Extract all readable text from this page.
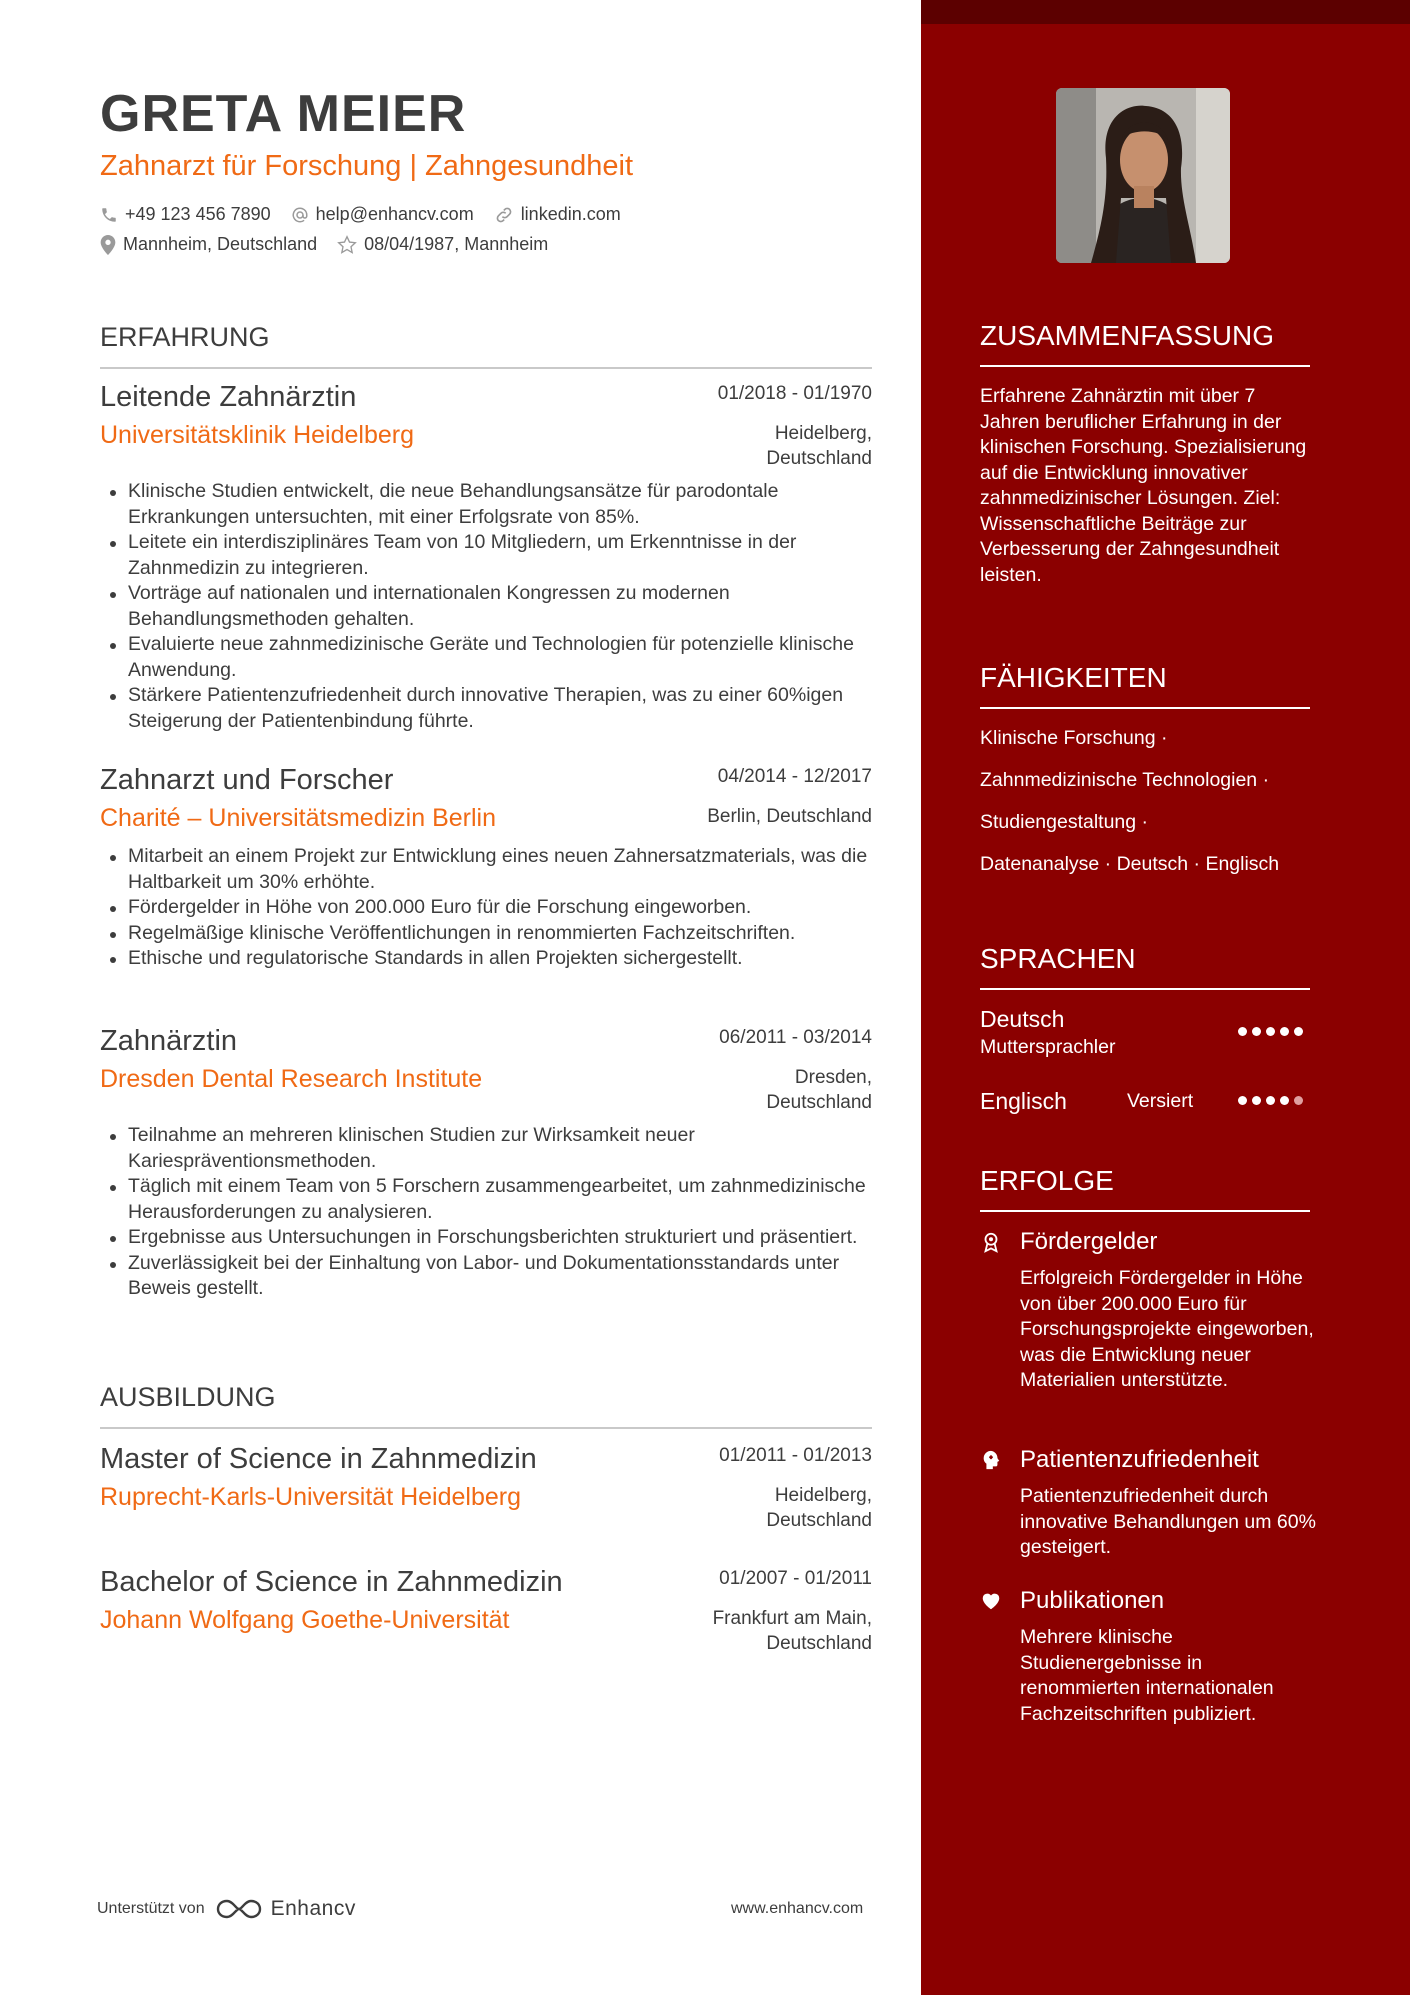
GRETA MEIER
Zahnarzt für Forschung | Zahngesundheit
+49 123 456 7890	help@enhancv.com	linkedin.com
Mannheim, Deutschland	08/04/1987, Mannheim
ERFAHRUNG
Leitende Zahnärztin	01/2018 - 01/1970
Universitätsklinik Heidelberg	Heidelberg,
Deutschland
Klinische Studien entwickelt, die neue Behandlungsansätze für parodontale Erkrankungen untersuchten, mit einer Erfolgsrate von 85%.
Leitete ein interdisziplinäres Team von 10 Mitgliedern, um Erkenntnisse in der Zahnmedizin zu integrieren.
Vorträge auf nationalen und internationalen Kongressen zu modernen Behandlungsmethoden gehalten.
Evaluierte neue zahnmedizinische Geräte und Technologien für potenzielle klinische Anwendung.
Stärkere Patientenzufriedenheit durch innovative Therapien, was zu einer 60%igen Steigerung der Patientenbindung führte.
Zahnarzt und Forscher	04/2014 - 12/2017
Charité – Universitätsmedizin Berlin	Berlin, Deutschland
Mitarbeit an einem Projekt zur Entwicklung eines neuen Zahnersatzmaterials, was die Haltbarkeit um 30% erhöhte.
Fördergelder in Höhe von 200.000 Euro für die Forschung eingeworben.
Regelmäßige klinische Veröffentlichungen in renommierten Fachzeitschriften.
Ethische und regulatorische Standards in allen Projekten sichergestellt.
Zahnärztin	06/2011 - 03/2014
Dresden Dental Research Institute	Dresden,
Deutschland
Teilnahme an mehreren klinischen Studien zur Wirksamkeit neuer Kariespräventionsmethoden.
Täglich mit einem Team von 5 Forschern zusammengearbeitet, um zahnmedizinische Herausforderungen zu analysieren.
Ergebnisse aus Untersuchungen in Forschungsberichten strukturiert und präsentiert.
Zuverlässigkeit bei der Einhaltung von Labor- und Dokumentationsstandards unter Beweis gestellt.
AUSBILDUNG
Master of Science in Zahnmedizin	01/2011 - 01/2013
Ruprecht-Karls-Universität Heidelberg	Heidelberg,
Deutschland
Bachelor of Science in Zahnmedizin	01/2007 - 01/2011
Johann Wolfgang Goethe-Universität	Frankfurt am Main,
Deutschland
ZUSAMMENFASSUNG
Erfahrene Zahnärztin mit über 7 Jahren beruflicher Erfahrung in der klinischen Forschung. Spezialisierung auf die Entwicklung innovativer zahnmedizinischer Lösungen. Ziel: Wissenschaftliche Beiträge zur Verbesserung der Zahngesundheit leisten.
FÄHIGKEITEN
Klinische Forschung ·
Zahnmedizinische Technologien ·
Studiengestaltung ·
Datenanalyse · Deutsch · Englisch
SPRACHEN
Deutsch
Muttersprachler
Englisch	Versiert
ERFOLGE
Fördergelder
Erfolgreich Fördergelder in Höhe von über 200.000 Euro für Forschungsprojekte eingeworben, was die Entwicklung neuer Materialien unterstützte.
Patientenzufriedenheit
Patientenzufriedenheit durch innovative Behandlungen um 60% gesteigert.
Publikationen
Mehrere klinische Studienergebnisse in renommierten internationalen Fachzeitschriften publiziert.
Unterstützt von	Enhancv	www.enhancv.com
